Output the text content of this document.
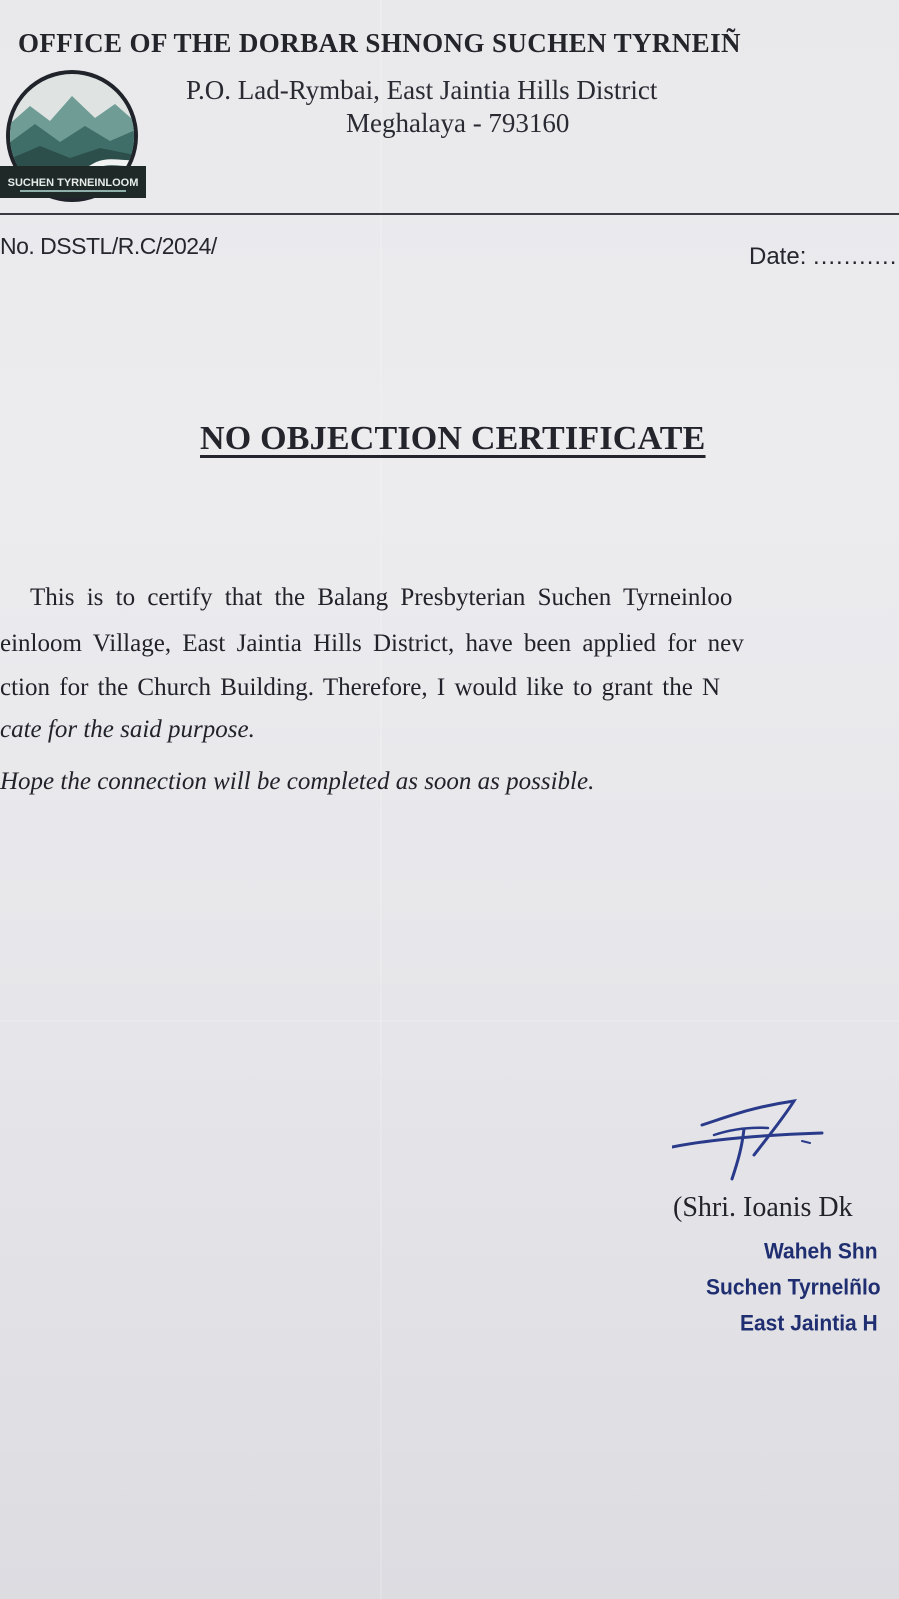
OFFICE OF THE DORBAR SHNONG SUCHEN TYRNEIÑ
P.O. Lad-Rymbai, East Jaintia Hills District
Meghalaya - 793160
SUCHEN TYRNEINLOOM
No. DSSTL/R.C/2024/	Date: ...........
NO OBJECTION CERTIFICATE
This is to certify that the Balang Presbyterian Suchen Tyrneinloo
einloom Village, East Jaintia Hills District, have been applied for nev
ction for the Church Building. Therefore, I would like to grant the N
cate for the said purpose.
Hope the connection will be completed as soon as possible.
(Shri. Ioanis Dk
Waheh Shn
Suchen Tyrnelñlo
East Jaintia H
